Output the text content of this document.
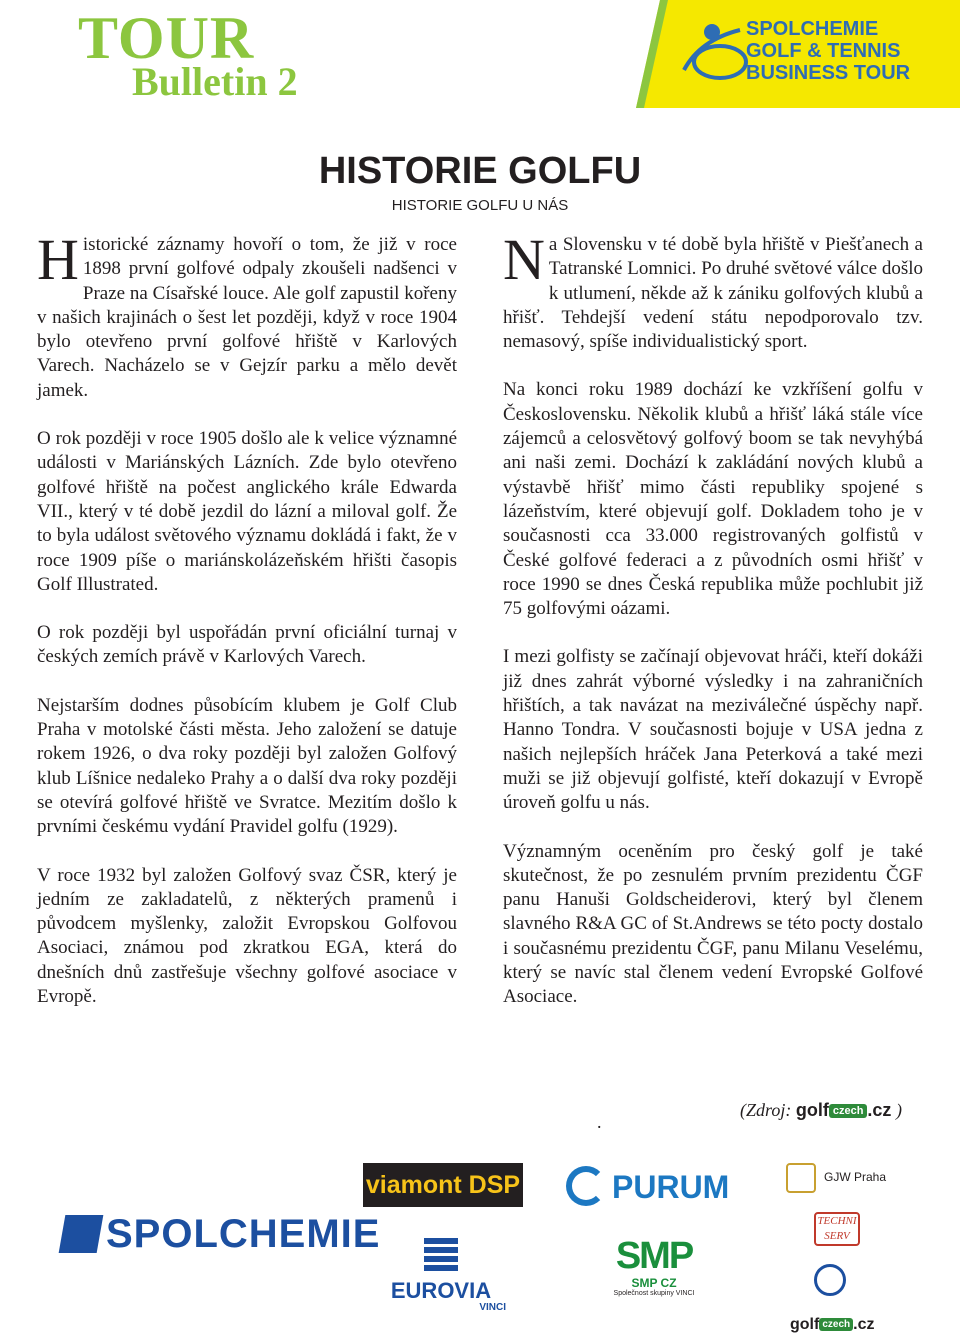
TOUR
Bulletin 2
SPOLCHEMIE
GOLF & TENNIS
BUSINESS TOUR
HISTORIE GOLFU
HISTORIE GOLFU U NÁS

Historické záznamy hovoří o tom, že již v roce 1898 první golfové odpaly zkoušeli nadšenci v Praze na Císařské louce. Ale golf zapustil kořeny v našich krajinách o šest let později, když v roce 1904 bylo otevřeno první golfové hřiště v Karlových Varech. Nacházelo se v Gejzír parku a mělo devět jamek.

O rok později v roce 1905 došlo ale k velice významné události v Mariánských Lázních. Zde bylo otevřeno golfové hřiště na počest anglického krále Edwarda VII., který v té době jezdil do lázní a miloval golf. Že to byla událost světového významu dokládá i fakt, že v roce 1909 píše o mariánskolázeňském hřišti časopis Golf Illustrated.

O rok později byl uspořádán první oficiální turnaj v českých zemích právě v Karlových Varech.

Nejstarším dodnes působícím klubem je Golf Club Praha v motolské části města. Jeho založení se datuje rokem 1926, o dva roky později byl založen Golfový klub Líšnice nedaleko Prahy a o další dva roky později se otevírá golfové hřiště ve Svratce. Mezitím došlo k prvními českému vydání Pravidel golfu (1929).

V roce 1932 byl založen Golfový svaz ČSR, který je jedním ze zakladatelů, z některých pramenů i původcem myšlenky, založit Evropskou Golfovou Asociaci, známou pod zkratkou EGA, která do dnešních dnů zastřešuje všechny golfové asociace v Evropě.

Na Slovensku v té době byla hřiště v Piešťanech a Tatranské Lomnici. Po druhé světové válce došlo k utlumení, někde až k zániku golfových klubů a hřišť. Tehdejší vedení státu nepodporovalo tzv. nemasový, spíše individualistický sport.

Na konci roku 1989 dochází ke vzkříšení golfu v Československu. Několik klubů a hřišť láká stále více zájemců a celosvětový golfový boom se tak nevyhýbá ani naši zemi. Dochází k zakládání nových klubů a výstavbě hřišť mimo části republiky spojené s lázeňstvím, které objevují golf. Dokladem toho je v současnosti cca 33.000 registrovaných golfistů v České golfové federaci a z původních osmi hřišť v roce 1990 se dnes Česká republika může pochlubit již 75 golfovými oázami.

I mezi golfisty se začínají objevovat hráči, kteří dokáži již dnes zahrát výborné výsledky i na zahraničních hřištích, a tak navázat na meziválečné úspěchy např. Hanno Tondra. V současnosti bojuje v USA jedna z našich nejlepších hráček Jana Peterková a také mezi muži se již objevují golfisté, kteří dokazují v Evropě úroveň golfu u nás.

Významným oceněním pro český golf je také skutečnost, že po zesnulém prvním prezidentu ČGF panu Hanuši Goldscheiderovi, který byl členem slavného R&A GC of St.Andrews se této pocty dostalo i současnému prezidentu ČGF, panu Milanu Veselému, který se navíc stal členem vedení Evropské Golfové Asociace.

(Zdroj: golf czech .cz )
.
SPOLCHEMIE
viamont DSP	PURUM	GJW Praha
EUROVIA
VINCI
SMP
SMP CZ
Společnost skupiny VINCI
TECHNI SERV
golf czech .cz
